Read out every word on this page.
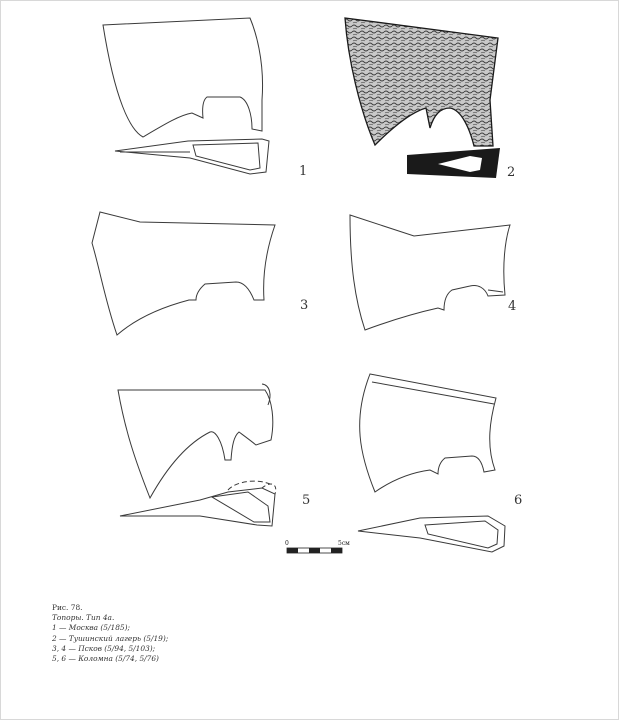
1	2
3	4
5	6
0	5см
Рис. 78.
Топоры. Тип 4а.
1 — Москва (5/185);
2 — Тушинский лагерь (5/19);
3, 4 — Псков (5/94, 5/103);
5, 6 — Коломна (5/74, 5/76)
